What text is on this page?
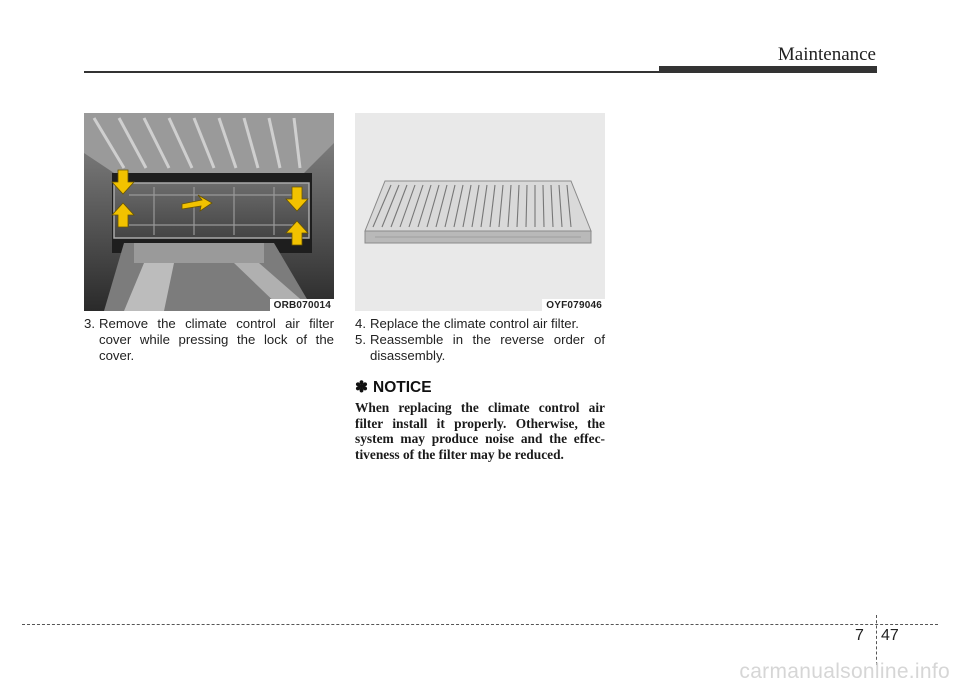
Maintenance
ORB070014	OYF079046
3. Remove the climate control air filter cover while pressing the lock of the cover.
4. Replace the climate control air filter.
5. Reassemble in the reverse order of disassembly.
✽ NOTICE
When replacing the climate control air filter install it properly. Otherwise, the system may produce noise and the effec-tiveness of the filter may be reduced.
7 47
carmanualsonline.info
